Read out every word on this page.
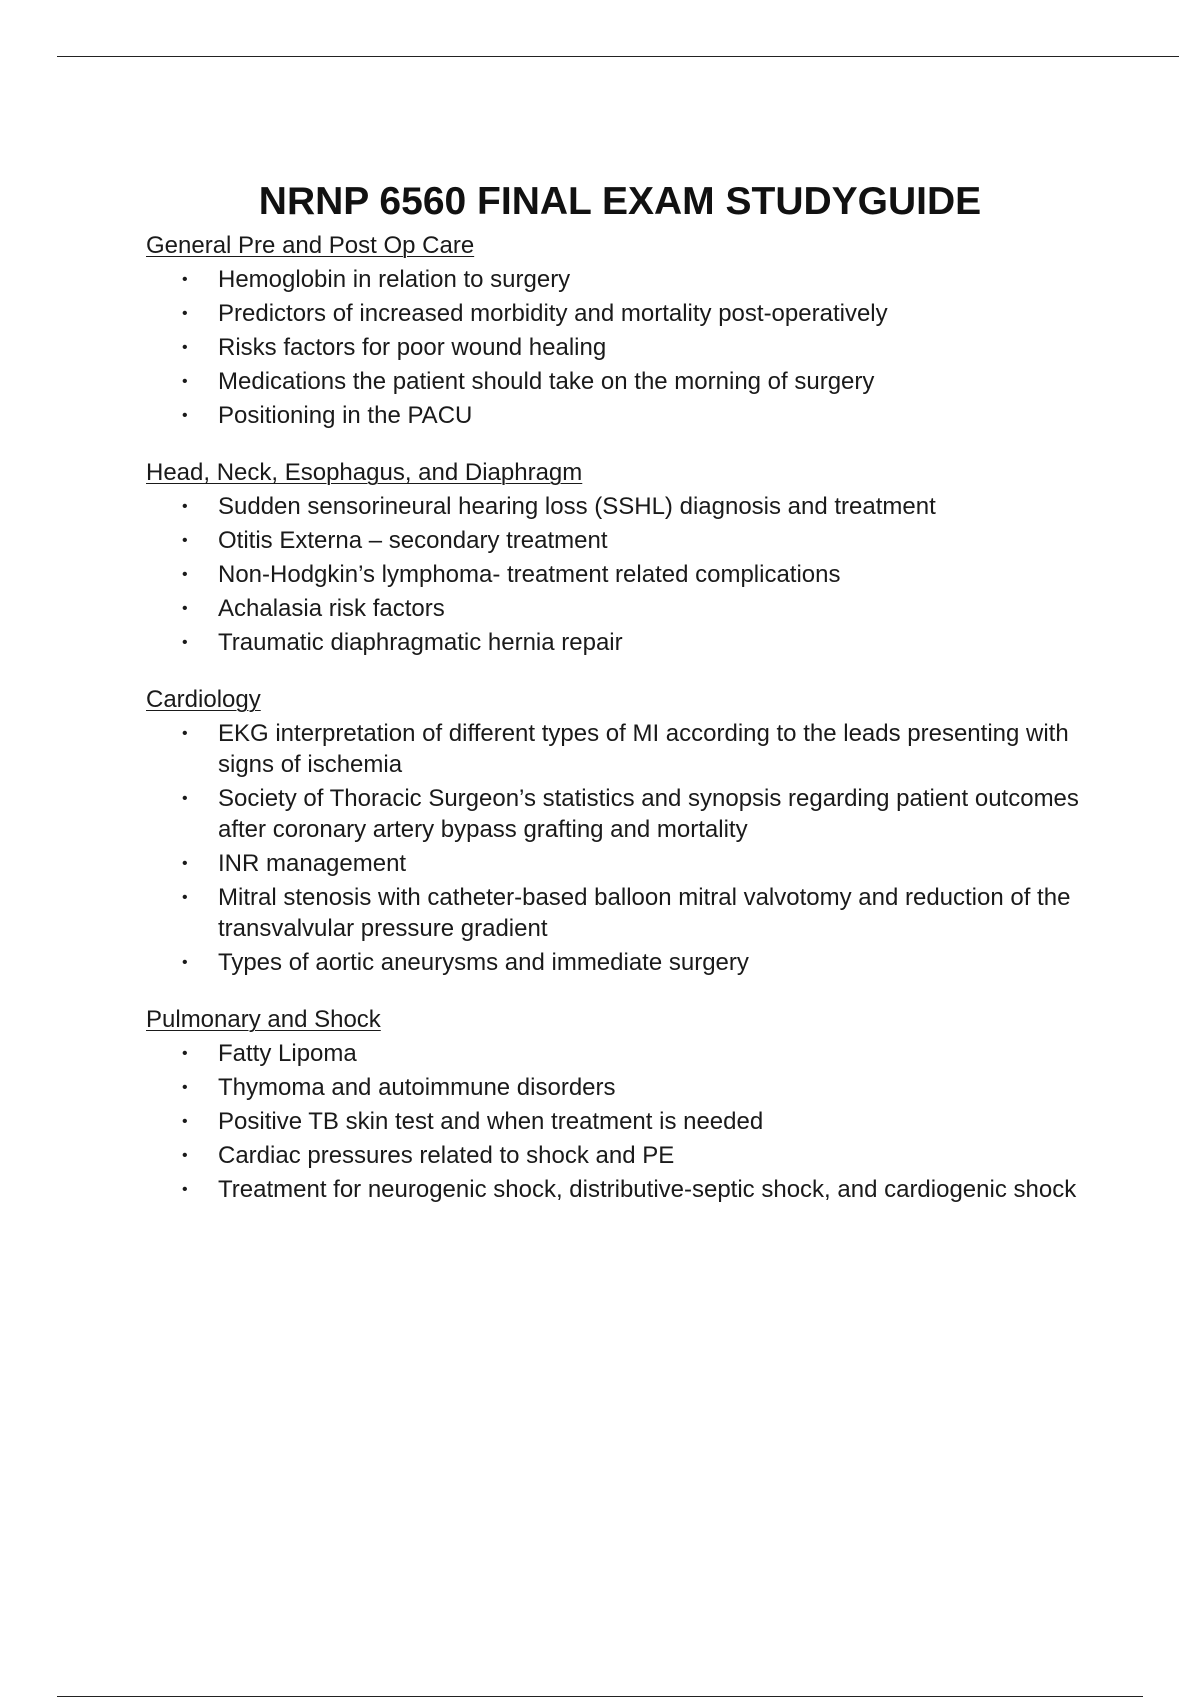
NRNP 6560 FINAL EXAM STUDYGUIDE
General Pre and Post Op Care
• Hemoglobin in relation to surgery
• Predictors of increased morbidity and mortality post-operatively
• Risks factors for poor wound healing
• Medications the patient should take on the morning of surgery
• Positioning in the PACU
Head, Neck, Esophagus, and Diaphragm
• Sudden sensorineural hearing loss (SSHL) diagnosis and treatment
• Otitis Externa – secondary treatment
• Non-Hodgkin’s lymphoma- treatment related complications
• Achalasia risk factors
• Traumatic diaphragmatic hernia repair
Cardiology
• EKG interpretation of different types of MI according to the leads presenting with signs of ischemia
• Society of Thoracic Surgeon’s statistics and synopsis regarding patient outcomes after coronary artery bypass grafting and mortality
• INR management
• Mitral stenosis with catheter-based balloon mitral valvotomy and reduction of the transvalvular pressure gradient
• Types of aortic aneurysms and immediate surgery
Pulmonary and Shock
• Fatty Lipoma
• Thymoma and autoimmune disorders
• Positive TB skin test and when treatment is needed
• Cardiac pressures related to shock and PE
• Treatment for neurogenic shock, distributive-septic shock, and cardiogenic shock
